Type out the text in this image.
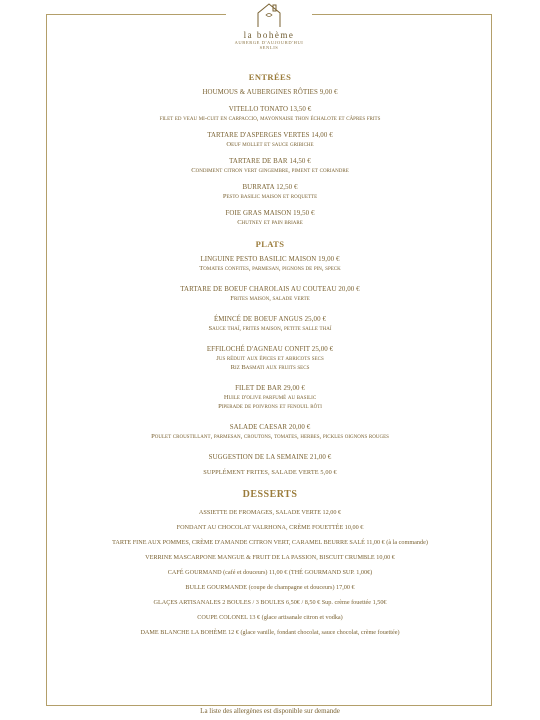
la bohème
AUBERGE D'AUJOURD'HUI
SENLIS
ENTRÉES
HOUMOUS & AUBERGINES RÔTIES 9,00 €
VITELLO TONATO 13,50 €
filet ed veau mi-cuit en carpaccio, mayonnaise thon échalote et câpres frits
TARTARE D'ASPERGES VERTES 14,00 €
Oeuf mollet et sauce gribiche
TARTARE DE BAR 14,50 €
Condiment citron vert gingembre, piment et coriandre
BURRATA 12,50 €
Pesto basilic maison et roquette
FOIE GRAS MAISON 19,50 €
Chutney et pain briare
PLATS
LINGUINE PESTO BASILIC MAISON 19,00 €
Tomates confites, parmesan, pignons de pin, speck
TARTARE DE BOEUF CHAROLAIS AU COUTEAU 20,00 €
Frites maison, salade verte
ÉMINCÉ DE BOEUF ANGUS 25,00 €
Sauce thaï, frites maison, petite salle thaï
EFFILOCHÉ D'AGNEAU CONFIT 25,00 €
Jus réduit aux épices et abricots secs
Riz Basmati aux fruits secs
FILET DE BAR 29,00 €
Huile d'olive parfumé au basilic
Piperade de poivrons et fenouil rôti
SALADE CAESAR 20,00 €
Poulet croustillant, parmesan, croutons, tomates, herbes, pickles oignons rouges
SUGGESTION DE LA SEMAINE 21,00 €
SUPPLÉMENT FRITES, SALADE VERTE 5,00 €
DESSERTS
ASSIETTE DE FROMAGES, SALADE VERTE 12,00 €
FONDANT AU CHOCOLAT VALRHONA, CRÈME FOUETTÉE 10,00 €
TARTE FINE AUX POMMES, CRÈME D'AMANDE CITRON VERT, CARAMEL BEURRE SALÉ 11,00 € (à la commande)
VERRINE MASCARPONE MANGUE & FRUIT DE LA PASSION, BISCUIT CRUMBLE 10,00 €
CAFÉ GOURMAND (café et douceurs) 11,00 € (THÉ GOURMAND SUP. 1,00€)
BULLE GOURMANDE (coupe de champagne et douceurs) 17,00 €
GLAÇES ARTISANALES 2 BOULES / 3 BOULES 6,50€ / 8,50 € Sup. crème fouettée 1,50€
COUPE COLONEL 13 € (glace artisanale citron et vodka)
DAME BLANCHE LA BOHÈME 12 € (glace vanille, fondant chocolat, sauce chocolat, crème fouettée)
La liste des allergènes est disponible sur demande
